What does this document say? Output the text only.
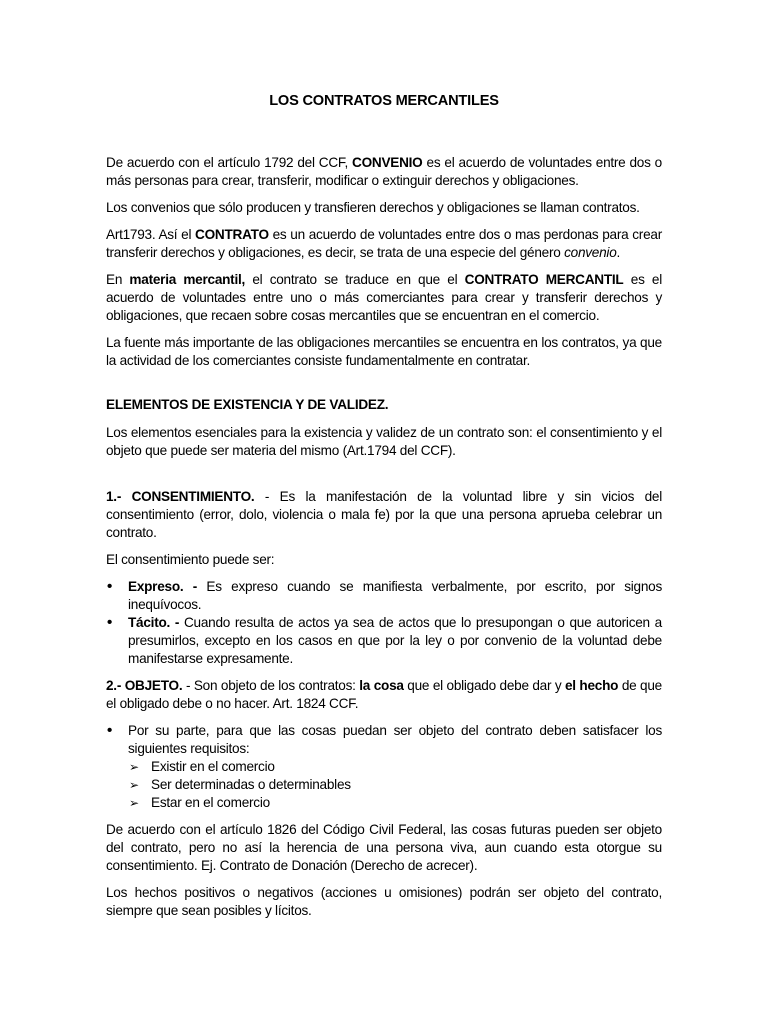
LOS CONTRATOS MERCANTILES

De acuerdo con el artículo 1792 del CCF, CONVENIO es el acuerdo de voluntades entre dos o más personas para crear, transferir, modificar o extinguir derechos y obligaciones.

Los convenios que sólo producen y transfieren derechos y obligaciones se llaman contratos.

Art1793. Así el CONTRATO es un acuerdo de voluntades entre dos o mas perdonas para crear transferir derechos y obligaciones, es decir, se trata de una especie del género convenio.

En materia mercantil, el contrato se traduce en que el CONTRATO MERCANTIL es el acuerdo de voluntades entre uno o más comerciantes para crear y transferir derechos y obligaciones, que recaen sobre cosas mercantiles que se encuentran en el comercio.

La fuente más importante de las obligaciones mercantiles se encuentra en los contratos, ya que la actividad de los comerciantes consiste fundamentalmente en contratar.

ELEMENTOS DE EXISTENCIA Y DE VALIDEZ.

Los elementos esenciales para la existencia y validez de un contrato son: el consentimiento y el objeto que puede ser materia del mismo (Art.1794 del CCF).

1.- CONSENTIMIENTO. - Es la manifestación de la voluntad libre y sin vicios del consentimiento (error, dolo, violencia o mala fe) por la que una persona aprueba celebrar un contrato.

El consentimiento puede ser:

• Expreso. - Es expreso cuando se manifiesta verbalmente, por escrito, por signos inequívocos.
• Tácito. - Cuando resulta de actos ya sea de actos que lo presupongan o que autoricen a presumirlos, excepto en los casos en que por la ley o por convenio de la voluntad debe manifestarse expresamente.

2.- OBJETO. - Son objeto de los contratos: la cosa que el obligado debe dar y el hecho de que el obligado debe o no hacer. Art. 1824 CCF.

• Por su parte, para que las cosas puedan ser objeto del contrato deben satisfacer los siguientes requisitos:
➢ Existir en el comercio
➢ Ser determinadas o determinables
➢ Estar en el comercio

De acuerdo con el artículo 1826 del Código Civil Federal, las cosas futuras pueden ser objeto del contrato, pero no así la herencia de una persona viva, aun cuando esta otorgue su consentimiento. Ej. Contrato de Donación (Derecho de acrecer).

Los hechos positivos o negativos (acciones u omisiones) podrán ser objeto del contrato, siempre que sean posibles y lícitos.
